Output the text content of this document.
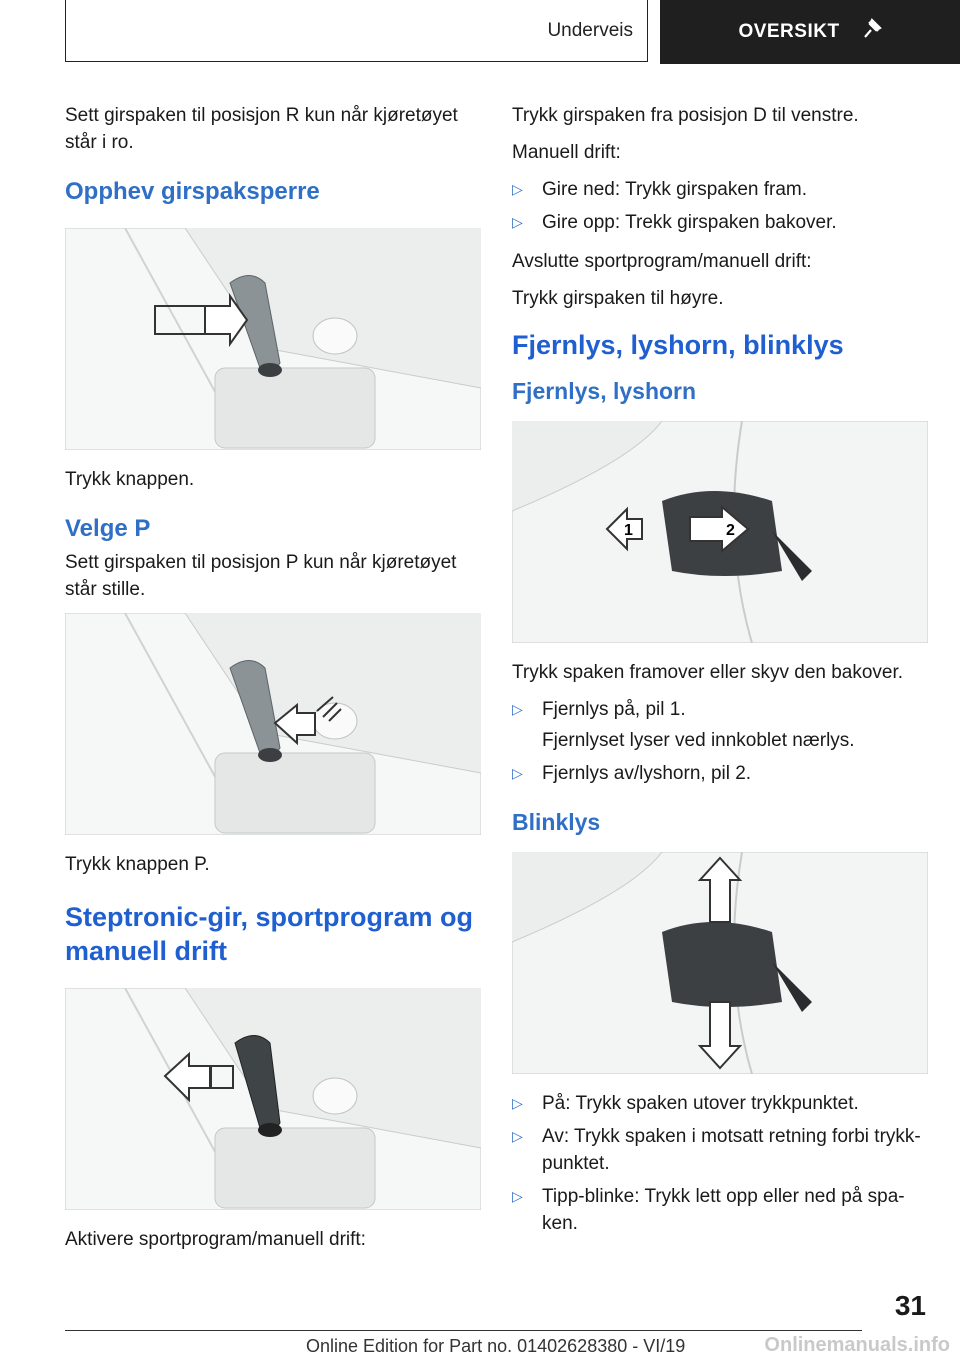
Underveis	OVERSIKT

Sett girspaken til posisjon R kun når kjøretøyet står i ro.

Opphev girspaksperre

Trykk knappen.

Velge P

Sett girspaken til posisjon P kun når kjøretøyet står stille.

Trykk knappen P.

Steptronic-gir, sportprogram og manuell drift

Aktivere sportprogram/manuell drift:

Trykk girspaken fra posisjon D til venstre.

Manuell drift:

▷ Gire ned: Trykk girspaken fram.
▷ Gire opp: Trekk girspaken bakover.

Avslutte sportprogram/manuell drift:

Trykk girspaken til høyre.

Fjernlys, lyshorn, blinklys
Fjernlys, lyshorn
1	2

Trykk spaken framover eller skyv den bakover.

▷ Fjernlys på, pil 1.
Fjernlyset lyser ved innkoblet nærlys.
▷ Fjernlys av/lyshorn, pil 2.
Blinklys
▷ På: Trykk spaken utover trykkpunktet.
▷ Av: Trykk spaken i motsatt retning forbi trykk-punktet.
▷ Tipp-blinke: Trykk lett opp eller ned på spa-ken.
31
Online Edition for Part no. 01402628380 - VI/19	Onlinemanuals.info
